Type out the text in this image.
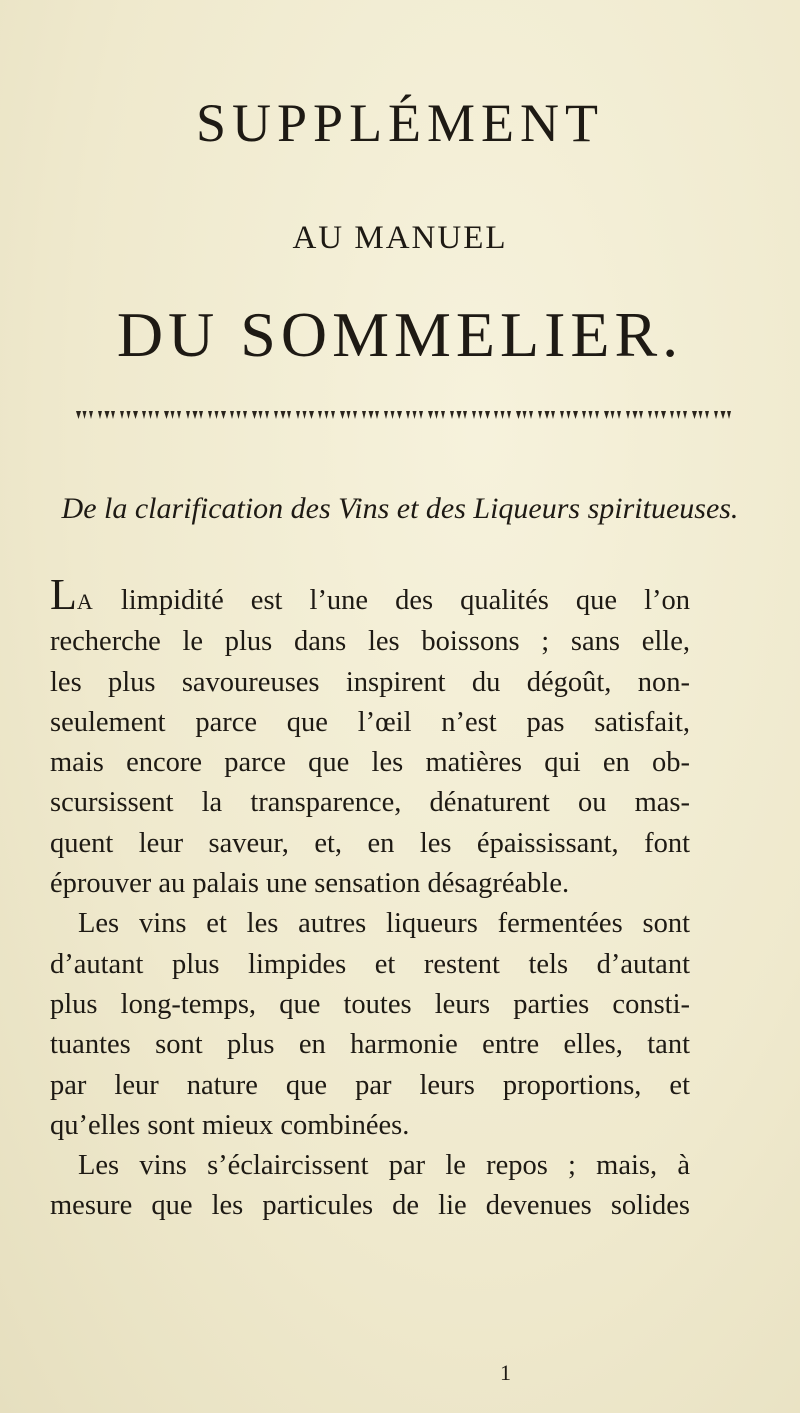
SUPPLÉMENT
AU MANUEL
DU SOMMELIER.
De la clarification des Vins et des Liqueurs spiritueuses.
LA limpidité est l’une des qualités que l’on
recherche le plus dans les boissons ; sans elle,
les plus savoureuses inspirent du dégoût, non-
seulement parce que l’œil n’est pas satisfait,
mais encore parce que les matières qui en ob-
scursissent la transparence, dénaturent ou mas-
quent leur saveur, et, en les épaississant, font
éprouver au palais une sensation désagréable.
Les vins et les autres liqueurs fermentées sont
d’autant plus limpides et restent tels d’autant
plus long-temps, que toutes leurs parties consti-
tuantes sont plus en harmonie entre elles, tant
par leur nature que par leurs proportions, et
qu’elles sont mieux combinées.
Les vins s’éclaircissent par le repos ; mais, à
mesure que les particules de lie devenues solides
1
